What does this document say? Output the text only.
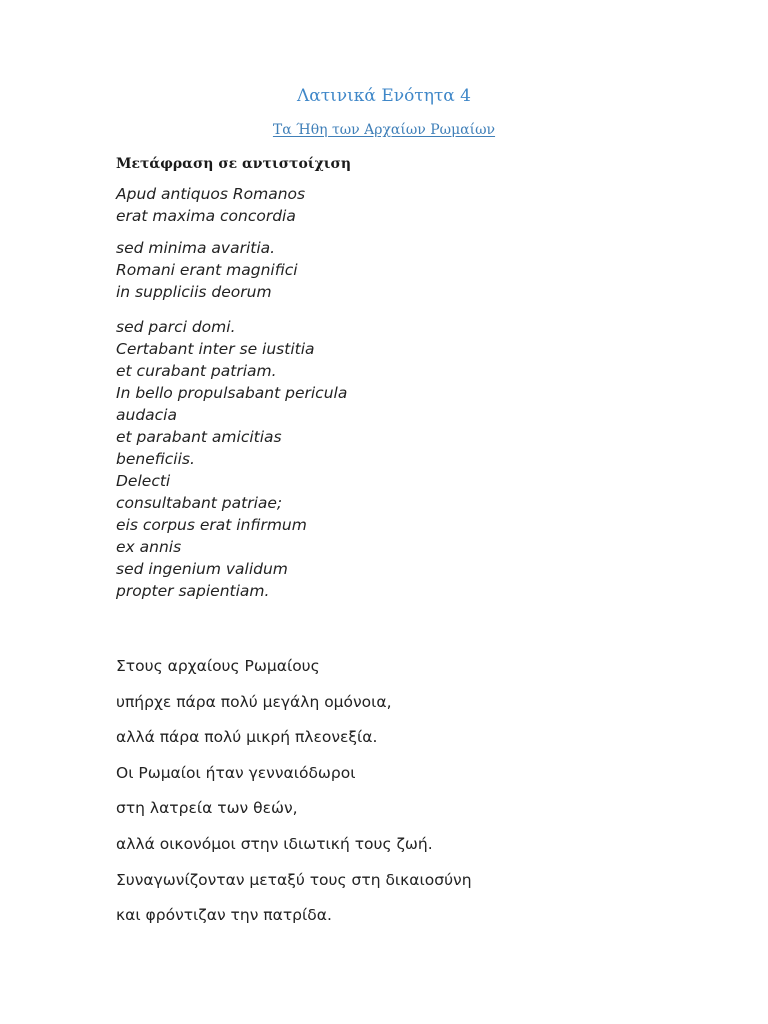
Λατινικά Ενότητα 4
Τα Ήθη των Αρχαίων Ρωμαίων
Μετάφραση σε αντιστοίχιση
Apud antiquos Romanos
erat maxima concordia
sed minima avaritia.
Romani erant magnifici
in suppliciis deorum
sed parci domi.
Certabant inter se iustitia
et curabant patriam.
In bello propulsabant pericula
audacia
et parabant amicitias
beneficiis.
Delecti
consultabant patriae;
eis corpus erat infirmum
ex annis
sed ingenium validum
propter sapientiam.
Στους αρχαίους Ρωμαίους
υπήρχε πάρα πολύ μεγάλη ομόνοια,
αλλά πάρα πολύ μικρή πλεονεξία.
Οι Ρωμαίοι ήταν γενναιόδωροι
στη λατρεία των θεών,
αλλά οικονόμοι στην ιδιωτική τους ζωή.
Συναγωνίζονταν μεταξύ τους στη δικαιοσύνη
και φρόντιζαν την πατρίδα.
